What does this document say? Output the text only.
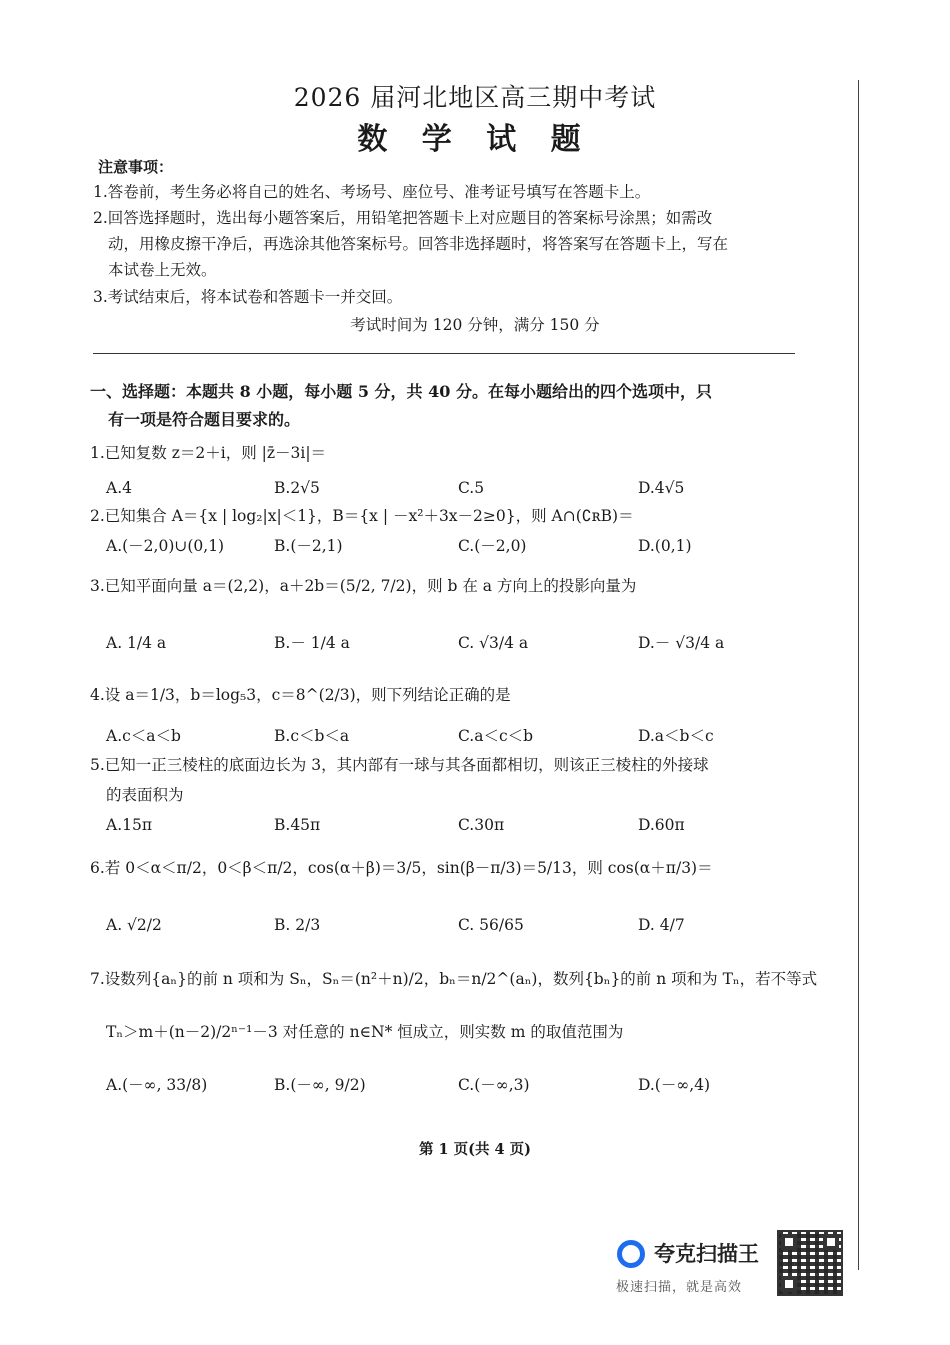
2026 届河北地区高三期中考试
数 学 试 题
注意事项：
1.答卷前，考生务必将自己的姓名、考场号、座位号、准考证号填写在答题卡上。
2.回答选择题时，选出每小题答案后，用铅笔把答题卡上对应题目的答案标号涂黑；如需改
动，用橡皮擦干净后，再选涂其他答案标号。回答非选择题时，将答案写在答题卡上，写在
本试卷上无效。
3.考试结束后，将本试卷和答题卡一并交回。
考试时间为 120 分钟，满分 150 分
一、选择题：本题共 8 小题，每小题 5 分，共 40 分。在每小题给出的四个选项中，只
有一项是符合题目要求的。
1.已知复数 z＝2＋i，则 |z̄－3i|＝
A.4	B.2√5	C.5	D.4√5
2.已知集合 A＝{x | log₂|x|＜1}，B＝{x | －x²＋3x－2≥0}，则 A∩(∁ʀB)＝
A.(－2,0)∪(0,1)	B.(－2,1)	C.(－2,0)	D.(0,1)
3.已知平面向量 a＝(2,2)，a＋2b＝(5/2, 7/2)，则 b 在 a 方向上的投影向量为
A. 1/4 a	B.－ 1/4 a	C. √3/4 a	D.－ √3/4 a
4.设 a＝1/3，b＝log₅3，c＝8^(2/3)，则下列结论正确的是
A.c＜a＜b	B.c＜b＜a	C.a＜c＜b	D.a＜b＜c
5.已知一正三棱柱的底面边长为 3，其内部有一球与其各面都相切，则该正三棱柱的外接球
的表面积为
A.15π	B.45π	C.30π	D.60π
6.若 0＜α＜π/2，0＜β＜π/2，cos(α＋β)＝3/5，sin(β－π/3)＝5/13，则 cos(α＋π/3)＝
A. √2/2	B. 2/3	C. 56/65	D. 4/7
7.设数列{aₙ}的前 n 项和为 Sₙ，Sₙ＝(n²＋n)/2，bₙ＝n/2^(aₙ)，数列{bₙ}的前 n 项和为 Tₙ，若不等式
Tₙ＞m＋(n－2)/2ⁿ⁻¹－3 对任意的 n∈N* 恒成立，则实数 m 的取值范围为
A.(－∞, 33/8)	B.(－∞, 9/2)	C.(－∞,3)	D.(－∞,4)
第 1 页(共 4 页)
夸克扫描王
极速扫描，就是高效
